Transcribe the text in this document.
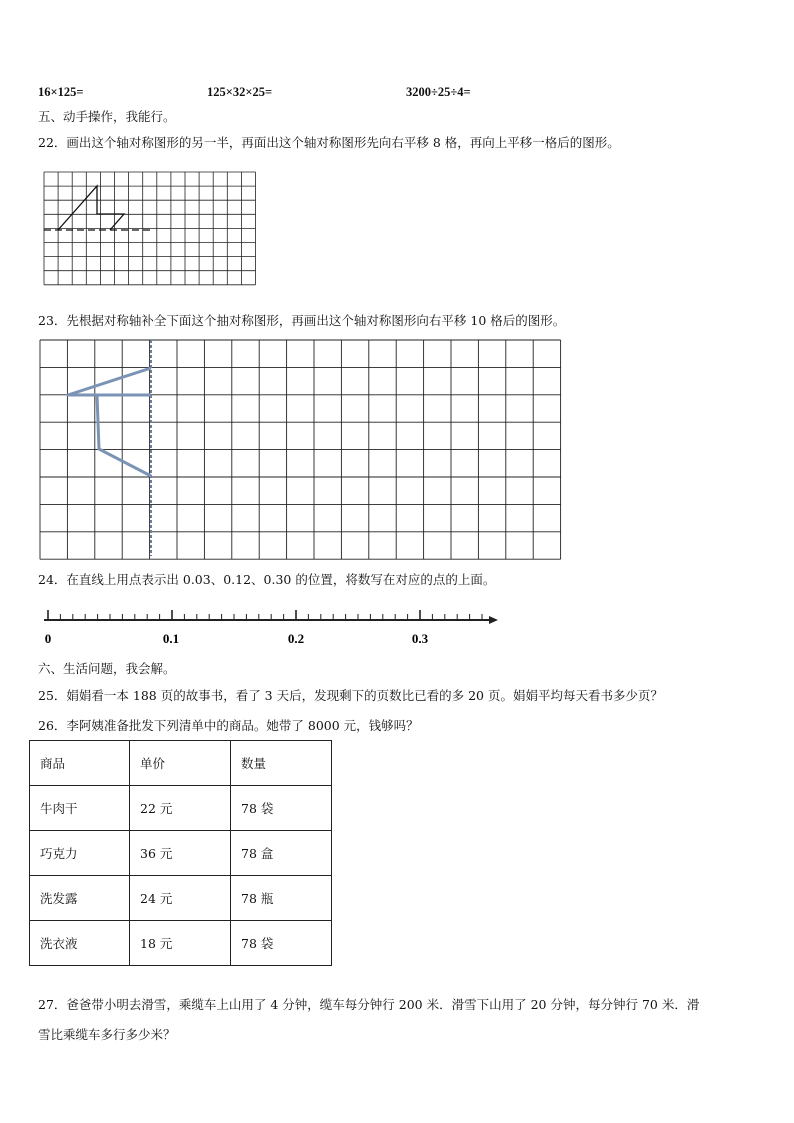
16×125=	125×32×25=	3200÷25÷4=
五、动手操作，我能行。
22．画出这个轴对称图形的另一半，再面出这个轴对称图形先向右平移 8 格，再向上平移一格后的图形。
23．先根据对称轴补全下面这个抽对称图形，再画出这个轴对称图形向右平移 10 格后的图形。
24．在直线上用点表示出 0.03、0.12、0.30 的位置，将数写在对应的点的上面。
0	0.1	0.2	0.3
六、生活问题，我会解。
25．娟娟看一本 188 页的故事书，看了 3 天后，发现剩下的页数比已看的多 20 页。娟娟平均每天看书多少页？
26．李阿姨准备批发下列清单中的商品。她带了 8000 元，钱够吗？
商品	单价	数量
牛肉干	22 元	78 袋
巧克力	36 元	78 盒
洗发露	24 元	78 瓶
洗衣液	18 元	78 袋
27．爸爸带小明去滑雪，乘缆车上山用了 4 分钟，缆车每分钟行 200 米．滑雪下山用了 20 分钟，每分钟行 70 米．滑
雪比乘缆车多行多少米？
